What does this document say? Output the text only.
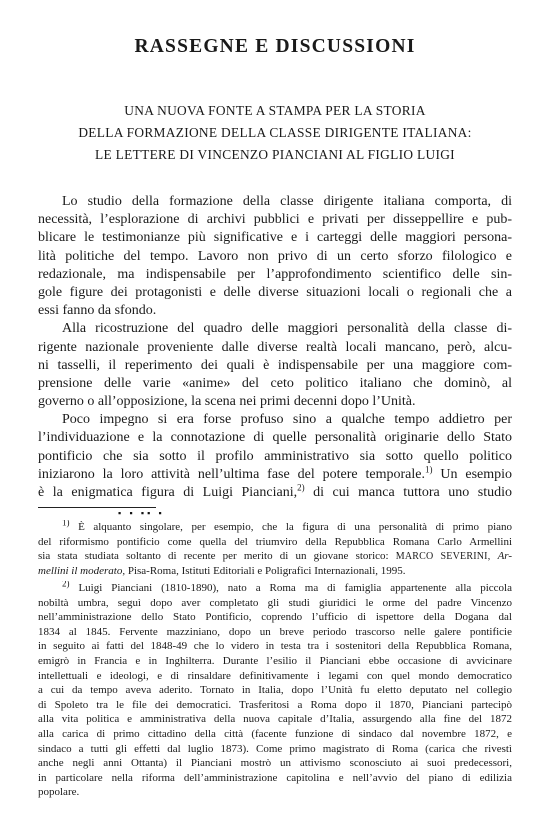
RASSEGNE E DISCUSSIONI
UNA NUOVA FONTE A STAMPA PER LA STORIA
DELLA FORMAZIONE DELLA CLASSE DIRIGENTE ITALIANA:
LE LETTERE DI VINCENZO PIANCIANI AL FIGLIO LUIGI
Lo studio della formazione della classe dirigente italiana comporta, di
necessità, l’esplorazione di archivi pubblici e privati per disseppellire e pub-
blicare le testimonianze più significative e i carteggi delle maggiori persona-
lità politiche del tempo. Lavoro non privo di un certo sforzo filologico e
redazionale, ma indispensabile per l’approfondimento scientifico delle sin-
gole figure dei protagonisti e delle diverse situazioni locali o regionali che a
essi fanno da sfondo.
Alla ricostruzione del quadro delle maggiori personalità della classe di-
rigente nazionale proveniente dalle diverse realtà locali mancano, però, alcu-
ni tasselli, il reperimento dei quali è indispensabile per una maggiore com-
prensione delle varie «anime» del ceto politico italiano che dominò, al
governo o all’opposizione, la scena nei primi decenni dopo l’Unità.
Poco impegno si era forse profuso sino a qualche tempo addietro per
l’individuazione e la connotazione di quelle personalità originarie dello Stato
pontificio che sia sotto il profilo amministrativo sia sotto quello politico
iniziarono la loro attività nell’ultima fase del potere temporale.$^{1)}$ Un esempio
è la enigmatica figura di Luigi Pianciani,$^{2)}$ di cui manca tuttora uno studio
▪ ▪ ▪▪ ▪
$^{1)}$ È alquanto singolare, per esempio, che la figura di una personalità di primo piano
del riformismo pontificio come quella del triumviro della Repubblica Romana Carlo Armellini
sia stata studiata soltanto di recente per merito di un giovane storico: MARCO SEVERINI, Ar-
mellini il moderato, Pisa-Roma, Istituti Editoriali e Poligrafici Internazionali, 1995.
$^{2)}$ Luigi Pianciani (1810-1890), nato a Roma ma di famiglia appartenente alla piccola
nobiltà umbra, seguì dopo aver completato gli studi giuridici le orme del padre Vincenzo
nell’amministrazione dello Stato Pontificio, coprendo l’ufficio di ispettore della Dogana dal
1834 al 1845. Fervente mazziniano, dopo un breve periodo trascorso nelle galere pontificie
in seguito ai fatti del 1848-49 che lo videro in testa tra i sostenitori della Repubblica Romana,
emigrò in Francia e in Inghilterra. Durante l’esilio il Pianciani ebbe occasione di avvicinare
intellettuali e ideologi, e di rinsaldare definitivamente i legami con quel mondo democratico
a cui da tempo aveva aderito. Tornato in Italia, dopo l’Unità fu eletto deputato nel collegio
di Spoleto tra le file dei democratici. Trasferitosi a Roma dopo il 1870, Pianciani partecipò
alla vita politica e amministrativa della nuova capitale d’Italia, assurgendo alla fine del 1872
alla carica di primo cittadino della città (facente funzione di sindaco dal novembre 1872, e
sindaco a tutti gli effetti dal luglio 1873). Come primo magistrato di Roma (carica che rivestì
anche negli anni Ottanta) il Pianciani mostrò un attivismo sconosciuto ai suoi predecessori,
in particolare nella riforma dell’amministrazione capitolina e nell’avvio del piano di edilizia
popolare.
